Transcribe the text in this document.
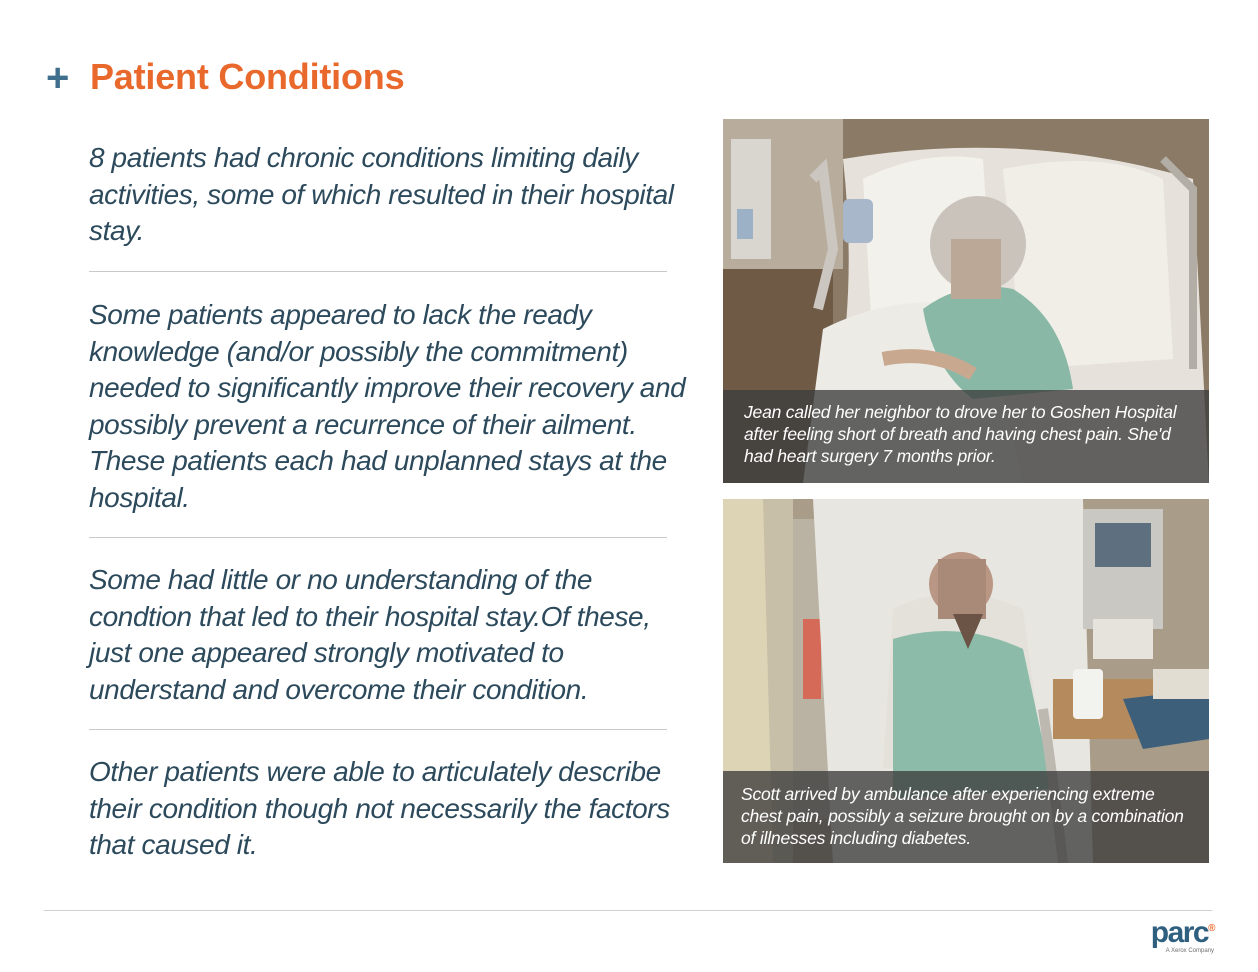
+ Patient Conditions

8 patients had chronic conditions limiting daily activities, some of which resulted in their hospital stay.

Some patients appeared to lack the ready knowledge (and/or possibly the commitment) needed to significantly improve their recovery and possibly prevent a recurrence of their ailment. These patients each had unplanned stays at the hospital.

Some had little or no understanding of the condtion that led to their hospital stay.Of these, just one appeared strongly motivated to understand and overcome their condition.

Other patients were able to articulately describe their condition though not necessarily the factors that caused it.

Jean called her neighbor to drove her to Goshen Hospital after feeling short of breath and having chest pain. She'd had heart surgery 7 months prior.
Scott arrived by ambulance after experiencing extreme chest pain, possibly a seizure brought on by a combination of illnesses including diabetes.
parc®
A Xerox Company
